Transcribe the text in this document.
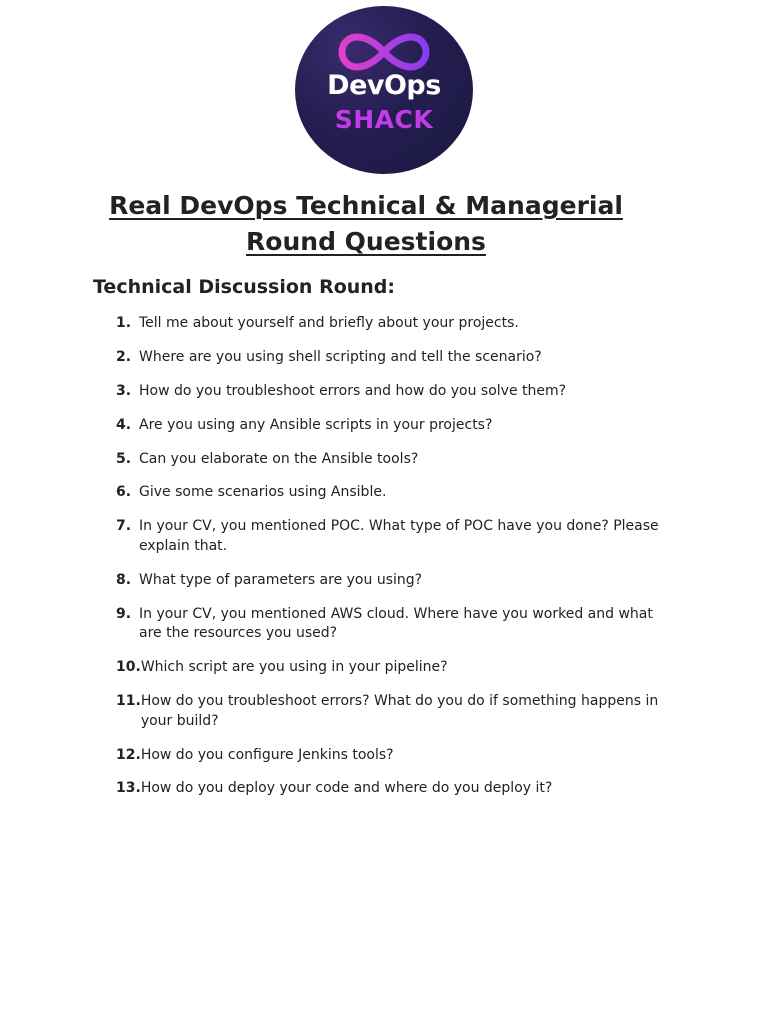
DevOps
SHACK
Real DevOps Technical & Managerial
Round Questions
Technical Discussion Round:
1. Tell me about yourself and briefly about your projects.
2. Where are you using shell scripting and tell the scenario?
3. How do you troubleshoot errors and how do you solve them?
4. Are you using any Ansible scripts in your projects?
5. Can you elaborate on the Ansible tools?
6. Give some scenarios using Ansible.
7. In your CV, you mentioned POC. What type of POC have you done? Please explain that.
8. What type of parameters are you using?
9. In your CV, you mentioned AWS cloud. Where have you worked and what are the resources you used?
10. Which script are you using in your pipeline?
11. How do you troubleshoot errors? What do you do if something happens in your build?
12. How do you configure Jenkins tools?
13. How do you deploy your code and where do you deploy it?
